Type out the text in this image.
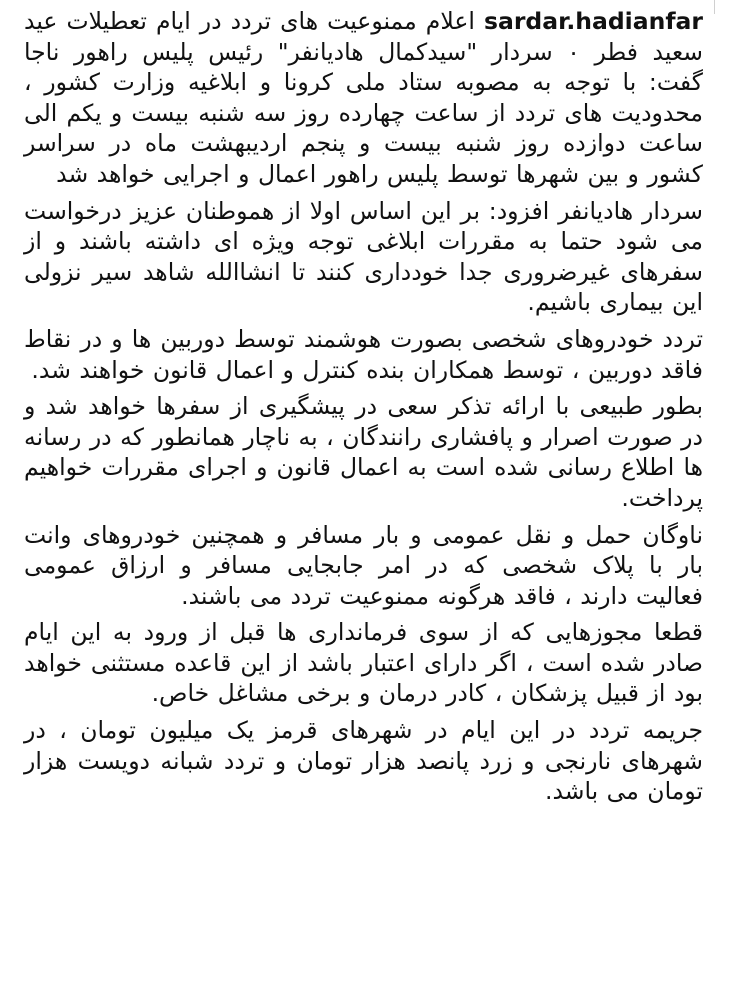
sardar.hadianfar اعلام ممنوعیت های تردد در ایام تعطیلات عید سعید فطر ۰ سردار "سیدکمال هادیانفر" رئیس پلیس راهور ناجا گفت: با توجه به مصوبه ستاد ملی کرونا و ابلاغیه وزارت کشور ، محدودیت های تردد از ساعت چهارده روز سه شنبه بیست و یکم الی ساعت دوازده روز شنبه بیست و پنجم اردیبهشت ماه در سراسر کشور و بین شهرها توسط پلیس راهور اعمال و اجرایی خواهد شد

سردار هادیانفر افزود: بر این اساس اولا از هموطنان عزیز درخواست می شود حتما به مقررات ابلاغی توجه ویژه ای داشته باشند و از سفرهای غیرضروری جدا خودداری کنند تا انشاالله شاهد سیر نزولی این بیماری باشیم.

تردد خودروهای شخصی بصورت هوشمند توسط دوربین ها و در نقاط فاقد دوربین ، توسط همکاران بنده کنترل و اعمال قانون خواهند شد.

بطور طبیعی با ارائه تذکر سعی در پیشگیری از سفرها خواهد شد و در صورت اصرار و پافشاری رانندگان ، به ناچار همانطور که در رسانه ها اطلاع رسانی شده است به اعمال قانون و اجرای مقررات خواهیم پرداخت.

ناوگان حمل و نقل عمومی و بار مسافر و همچنین خودروهای وانت بار با پلاک شخصی که در امر جابجایی مسافر و ارزاق عمومی فعالیت دارند ، فاقد هرگونه ممنوعیت تردد می باشند.

قطعا مجوزهایی که از سوی فرمانداری ها قبل از ورود به این ایام صادر شده است ، اگر دارای اعتبار باشد از این قاعده مستثنی خواهد بود از قبیل پزشکان ، کادر درمان و برخی مشاغل خاص.

جریمه تردد در این ایام در شهرهای قرمز یک میلیون تومان ، در شهرهای نارنجی و زرد پانصد هزار تومان و تردد شبانه دویست هزار تومان می باشد.
